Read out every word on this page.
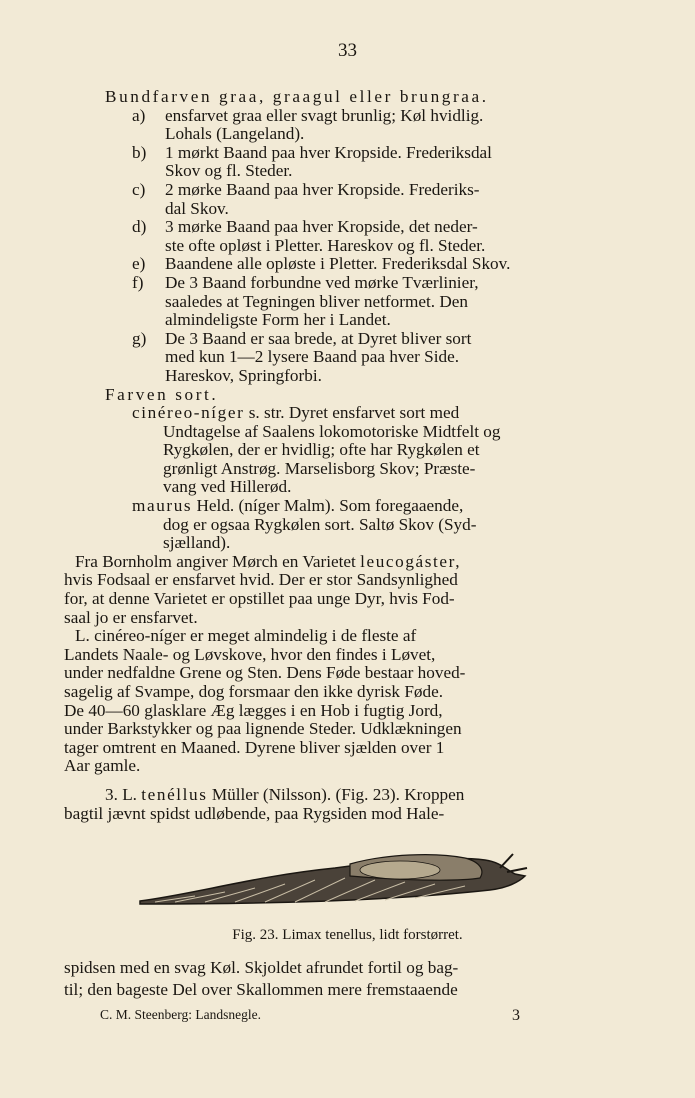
33
Bundfarven graa, graagul eller brungraa.
a)	ensfarvet graa eller svagt brunlig; Køl hvidlig.
Lohals (Langeland).
b)	1 mørkt Baand paa hver Kropside. Frederiksdal
Skov og fl. Steder.
c)	2 mørke Baand paa hver Kropside. Frederiks-
dal Skov.
d)	3 mørke Baand paa hver Kropside, det neder-
ste ofte opløst i Pletter. Hareskov og fl. Steder.
e)	Baandene alle opløste i Pletter. Frederiksdal Skov.
f)	De 3 Baand forbundne ved mørke Tværlinier,
saaledes at Tegningen bliver netformet. Den
almindeligste Form her i Landet.
g)	De 3 Baand er saa brede, at Dyret bliver sort
med kun 1—2 lysere Baand paa hver Side.
Hareskov, Springforbi.
Farven sort.
cinéreo-níger s. str. Dyret ensfarvet sort med
Undtagelse af Saalens lokomotoriske Midtfelt og
Rygkølen, der er hvidlig; ofte har Rygkølen et
grønligt Anstrøg. Marselisborg Skov; Præste-
vang ved Hillerød.
maurus Held. (níger Malm). Som foregaaende,
dog er ogsaa Rygkølen sort. Saltø Skov (Syd-
sjælland).
Fra Bornholm angiver Mørch en Varietet leucogáster,
hvis Fodsaal er ensfarvet hvid. Der er stor Sandsynlighed
for, at denne Varietet er opstillet paa unge Dyr, hvis Fod-
saal jo er ensfarvet.
L. cinéreo-níger er meget almindelig i de fleste af
Landets Naale- og Løvskove, hvor den findes i Løvet,
under nedfaldne Grene og Sten. Dens Føde bestaar hoved-
sagelig af Svampe, dog forsmaar den ikke dyrisk Føde.
De 40—60 glasklare Æg lægges i en Hob i fugtig Jord,
under Barkstykker og paa lignende Steder. Udklækningen
tager omtrent en Maaned. Dyrene bliver sjælden over 1
Aar gamle.
3. L. tenéllus Müller (Nilsson). (Fig. 23). Kroppen
bagtil jævnt spidst udløbende, paa Rygsiden mod Hale-
Fig. 23. Limax tenellus, lidt forstørret.
spidsen med en svag Køl. Skjoldet afrundet fortil og bag-
til; den bageste Del over Skallommen mere fremstaaende
C. M. Steenberg: Landsnegle.	3
